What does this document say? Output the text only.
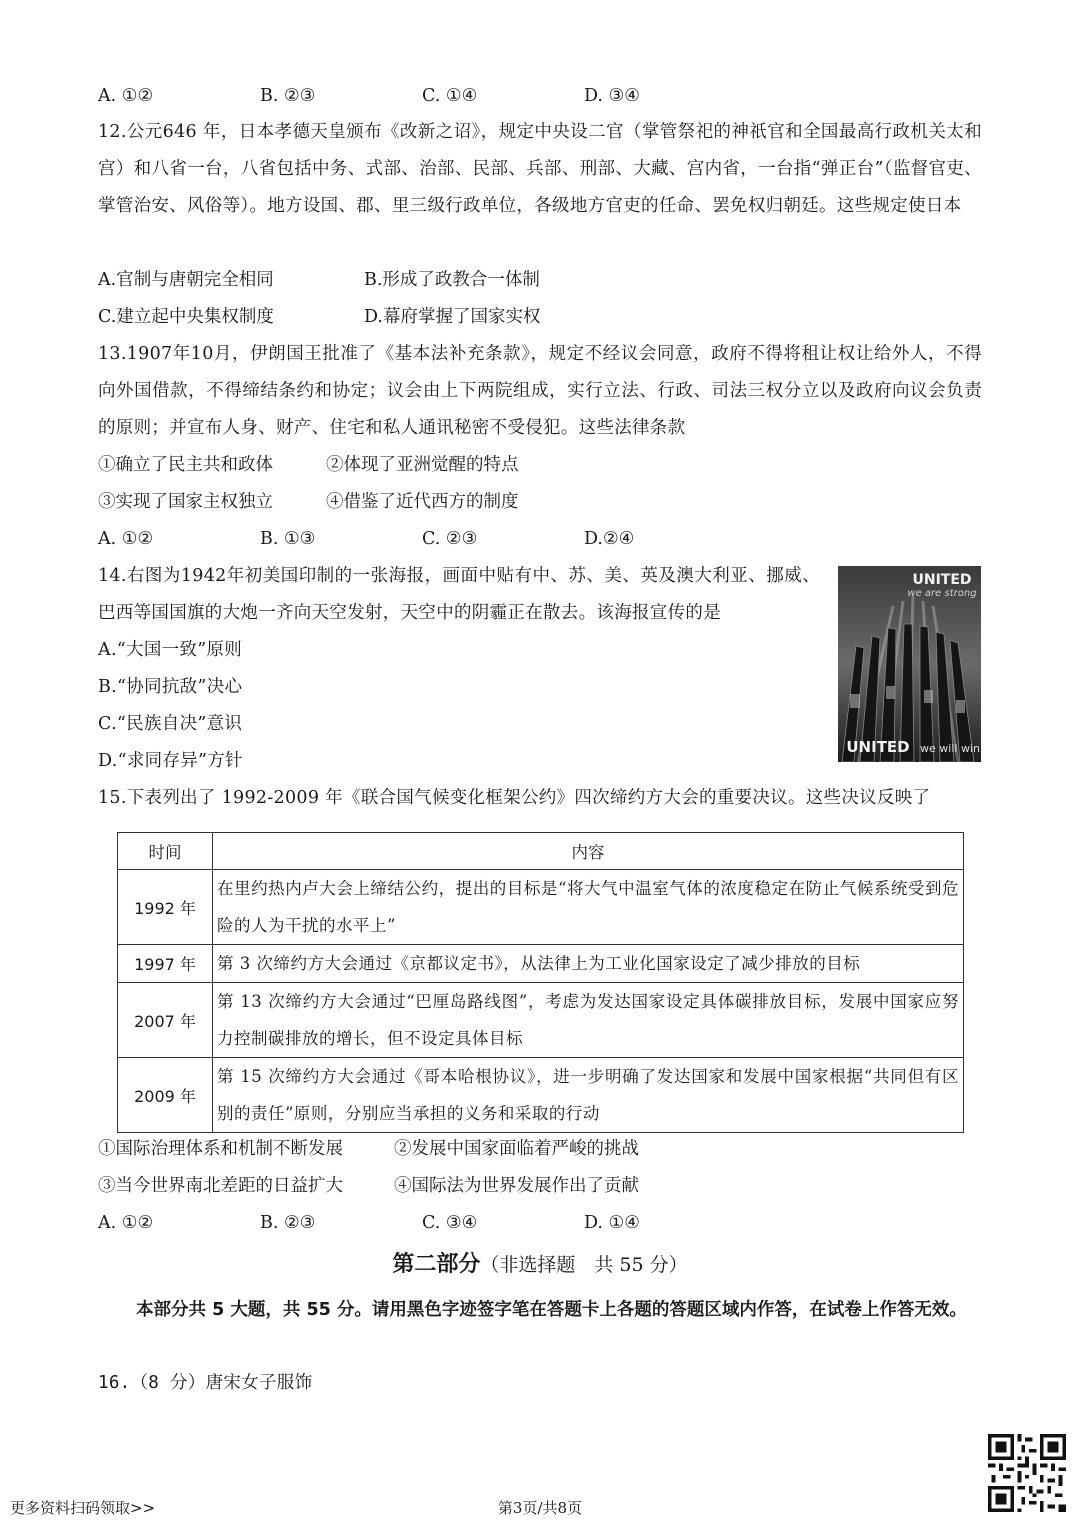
A. ①②	B. ②③	C. ①④	D. ③④
12.公元646 年，日本孝德天皇颁布《改新之诏》，规定中央设二官（掌管祭祀的神祇官和全国最高行政机关太和宫）和八省一台，八省包括中务、式部、治部、民部、兵部、刑部、大藏、宫内省，一台指“弹正台”（监督官吏、掌管治安、风俗等）。地方设国、郡、里三级行政单位，各级地方官吏的任命、罢免权归朝廷。这些规定使日本
A.官制与唐朝完全相同	B.形成了政教合一体制
C.建立起中央集权制度	D.幕府掌握了国家实权
13.1907年10月，伊朗国王批准了《基本法补充条款》，规定不经议会同意，政府不得将租让权让给外人，不得向外国借款，不得缔结条约和协定；议会由上下两院组成，实行立法、行政、司法三权分立以及政府向议会负责的原则；并宣布人身、财产、住宅和私人通讯秘密不受侵犯。这些法律条款
①确立了民主共和政体	②体现了亚洲觉醒的特点
③实现了国家主权独立	④借鉴了近代西方的制度
A. ①②	B. ①③	C. ②③	D.②④
14.右图为1942年初美国印制的一张海报，画面中贴有中、苏、美、英及澳大利亚、挪威、巴西等国国旗的大炮一齐向天空发射，天空中的阴霾正在散去。该海报宣传的是
A.“大国一致”原则
B.“协同抗敌”决心
C.“民族自决”意识
D.“求同存异”方针
UNITED
we are strong
UNITED we will win
15.下表列出了 1992-2009 年《联合国气候变化框架公约》四次缔约方大会的重要决议。这些决议反映了
时间	内容
1992 年	在里约热内卢大会上缔结公约，提出的目标是“将大气中温室气体的浓度稳定在防止气候系统受到危险的人为干扰的水平上”
1997 年	第 3 次缔约方大会通过《京都议定书》，从法律上为工业化国家设定了减少排放的目标
2007 年	第 13 次缔约方大会通过“巴厘岛路线图”，考虑为发达国家设定具体碳排放目标，发展中国家应努力控制碳排放的增长，但不设定具体目标
2009 年	第 15 次缔约方大会通过《哥本哈根协议》，进一步明确了发达国家和发展中国家根据“共同但有区别的责任”原则，分别应当承担的义务和采取的行动
①国际治理体系和机制不断发展	②发展中国家面临着严峻的挑战
③当今世界南北差距的日益扩大	④国际法为世界发展作出了贡献
A. ①②	B. ②③	C. ③④	D. ①④
第二部分（非选择题　共 55 分）
本部分共 5 大题，共 55 分。请用黑色字迹签字笔在答题卡上各题的答题区域内作答，在试卷上作答无效。
16.（8 分）唐宋女子服饰
更多资料扫码领取>>	第3页/共8页
